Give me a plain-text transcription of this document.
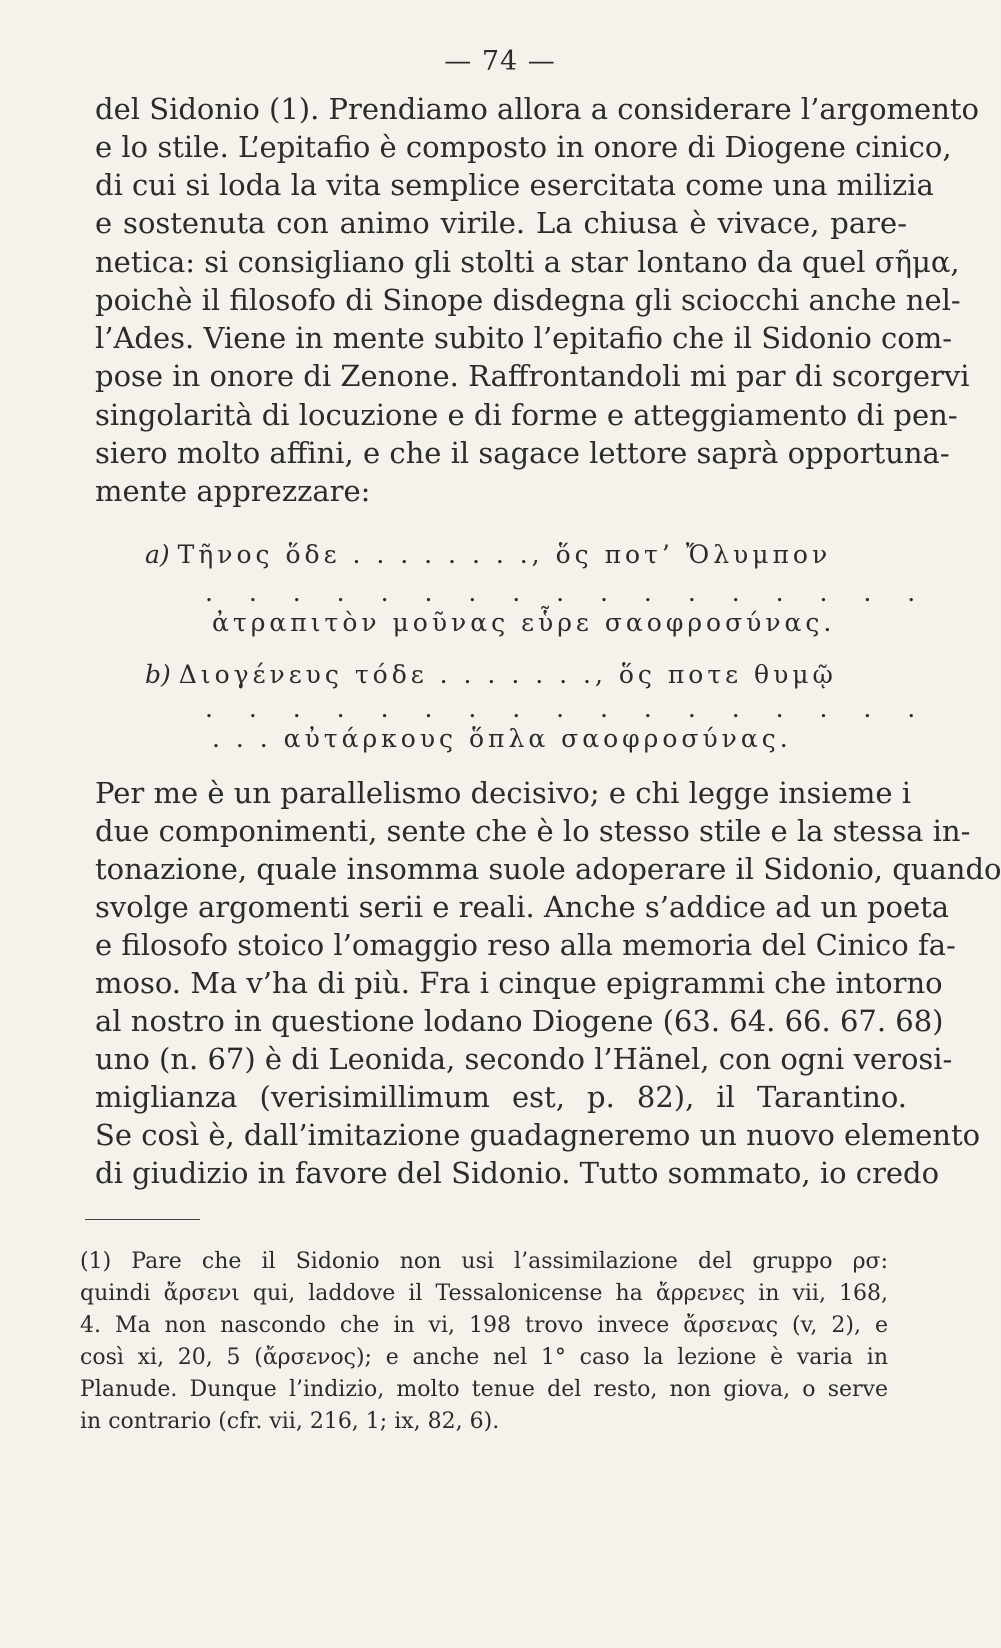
— 74 —
del Sidonio (1). Prendiamo allora a considerare l’argomento
e lo stile. L’epitafio è composto in onore di Diogene cinico,
di cui si loda la vita semplice esercitata come una milizia
e sostenuta con animo virile. La chiusa è vivace, pare-
netica: si consigliano gli stolti a star lontano da quel σῆμα,
poichè il filosofo di Sinope disdegna gli sciocchi anche nel-
l’Ades. Viene in mente subito l’epitafio che il Sidonio com-
pose in onore di Zenone. Raffrontandoli mi par di scorgervi
singolarità di locuzione e di forme e atteggiamento di pen-
siero molto affini, e che il sagace lettore saprà opportuna-
mente apprezzare:
a) Τῆνος ὅδε . . . . . . . ., ὅς ποτ’ Ὄλυμπον
. . . . . . . . . . . . . . . . .
ἀτραπιτὸν μοῦνας εὗρε σαοφροσύνας.
b) Διογένευς τόδε . . . . . . ., ὅς ποτε θυμῷ
. . . . . . . . . . . . . . . . .
. . . αὐτάρκους ὅπλα σαοφροσύνας.
Per me è un parallelismo decisivo; e chi legge insieme i
due componimenti, sente che è lo stesso stile e la stessa in-
tonazione, quale insomma suole adoperare il Sidonio, quando
svolge argomenti serii e reali. Anche s’addice ad un poeta
e filosofo stoico l’omaggio reso alla memoria del Cinico fa-
moso. Ma v’ha di più. Fra i cinque epigrammi che intorno
al nostro in questione lodano Diogene (63. 64. 66. 67. 68)
uno (n. 67) è di Leonida, secondo l’Hänel, con ogni verosi-
miglianza (verisimillimum est, p. 82), il Tarantino.
Se così è, dall’imitazione guadagneremo un nuovo elemento
di giudizio in favore del Sidonio. Tutto sommato, io credo
(1) Pare che il Sidonio non usi l’assimilazione del gruppo ρσ:
quindi ἄρσενι qui, laddove il Tessalonicense ha ἄρρενες in vii, 168,
4. Ma non nascondo che in vi, 198 trovo invece ἄρσενας (v, 2), e
così xi, 20, 5 (ἄρσενος); e anche nel 1° caso la lezione è varia in
Planude. Dunque l’indizio, molto tenue del resto, non giova, o serve
in contrario (cfr. vii, 216, 1; ix, 82, 6).
